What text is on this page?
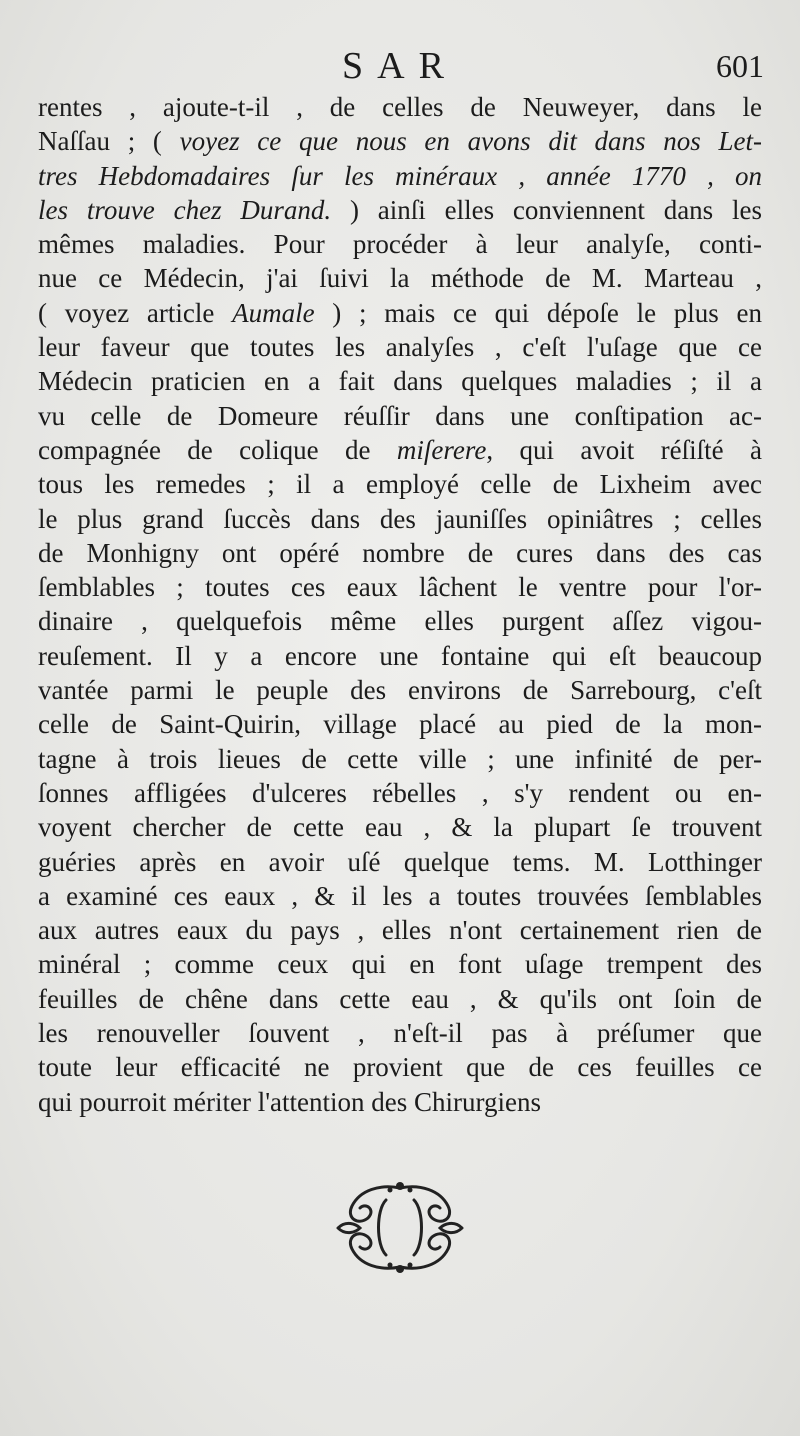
SAR	601
rentes , ajoute-t-il , de celles de Neuweyer, dans le
Naſſau ; ( voyez ce que nous en avons dit dans nos Let-
tres Hebdomadaires ſur les minéraux , année 1770 , on
les trouve chez Durand. ) ainſi elles conviennent dans les
mêmes maladies. Pour procéder à leur analyſe, conti-
nue ce Médecin, j'ai ſuivi la méthode de M. Marteau ,
( voyez article Aumale ) ; mais ce qui dépoſe le plus en
leur faveur que toutes les analyſes , c'eſt l'uſage que ce
Médecin praticien en a fait dans quelques maladies ; il a
vu celle de Domeure réuſſir dans une conſtipation ac-
compagnée de colique de miſerere, qui avoit réſiſté à
tous les remedes ; il a employé celle de Lixheim avec
le plus grand ſuccès dans des jauniſſes opiniâtres ; celles
de Monhigny ont opéré nombre de cures dans des cas
ſemblables ; toutes ces eaux lâchent le ventre pour l'or-
dinaire , quelquefois même elles purgent aſſez vigou-
reuſement. Il y a encore une fontaine qui eſt beaucoup
vantée parmi le peuple des environs de Sarrebourg, c'eſt
celle de Saint-Quirin, village placé au pied de la mon-
tagne à trois lieues de cette ville ; une infinité de per-
ſonnes affligées d'ulceres rébelles , s'y rendent ou en-
voyent chercher de cette eau , & la plupart ſe trouvent
guéries après en avoir uſé quelque tems. M. Lotthinger
a examiné ces eaux , & il les a toutes trouvées ſemblables
aux autres eaux du pays , elles n'ont certainement rien de
minéral ; comme ceux qui en font uſage trempent des
feuilles de chêne dans cette eau , & qu'ils ont ſoin de
les renouveller ſouvent , n'eſt-il pas à préſumer que
toute leur efficacité ne provient que de ces feuilles ce
qui pourroit mériter l'attention des Chirurgiens
